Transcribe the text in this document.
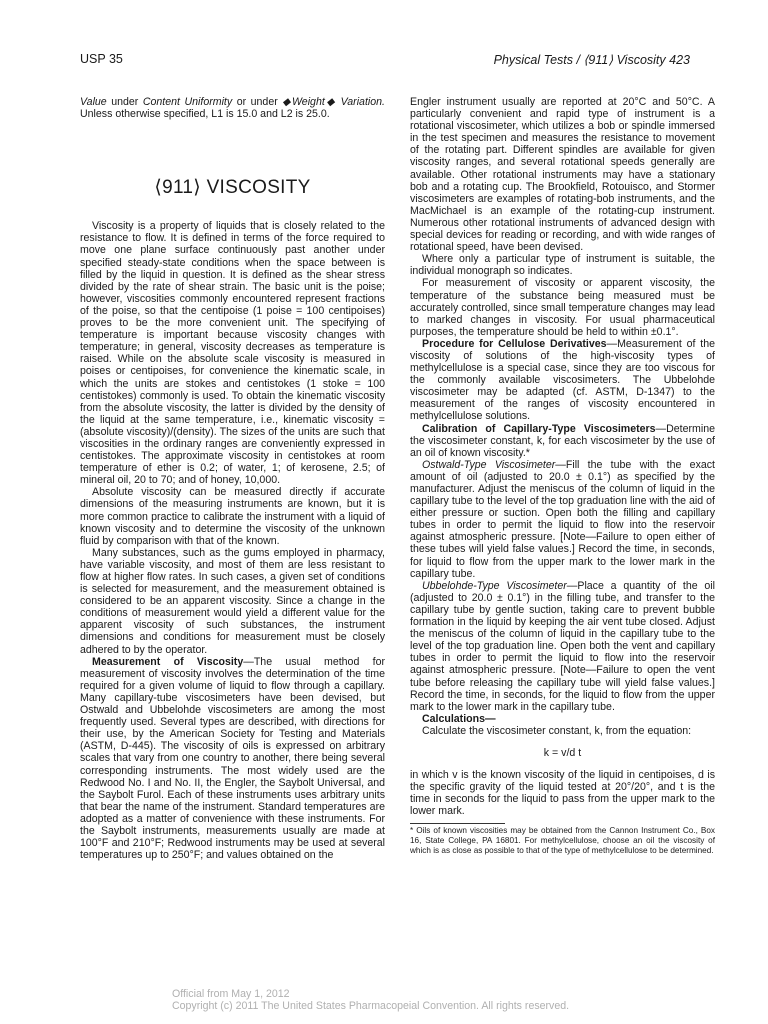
USP 35	Physical Tests / ⟨911⟩ Viscosity 423

Value under Content Uniformity or under ◆Weight◆ Variation. Unless otherwise specified, L1 is 15.0 and L2 is 25.0.

⟨911⟩ VISCOSITY

Viscosity is a property of liquids that is closely related to the resistance to flow. It is defined in terms of the force required to move one plane surface continuously past another under specified steady-state conditions when the space between is filled by the liquid in question. It is defined as the shear stress divided by the rate of shear strain. The basic unit is the poise; however, viscosities commonly encountered represent fractions of the poise, so that the centipoise (1 poise = 100 centipoises) proves to be the more convenient unit. The specifying of temperature is important because viscosity changes with temperature; in general, viscosity decreases as temperature is raised. While on the absolute scale viscosity is measured in poises or centipoises, for convenience the kinematic scale, in which the units are stokes and centistokes (1 stoke = 100 centistokes) commonly is used. To obtain the kinematic viscosity from the absolute viscosity, the latter is divided by the density of the liquid at the same temperature, i.e., kinematic viscosity = (absolute viscosity)/(density). The sizes of the units are such that viscosities in the ordinary ranges are conveniently expressed in centistokes. The approximate viscosity in centistokes at room temperature of ether is 0.2; of water, 1; of kerosene, 2.5; of mineral oil, 20 to 70; and of honey, 10,000.

Absolute viscosity can be measured directly if accurate dimensions of the measuring instruments are known, but it is more common practice to calibrate the instrument with a liquid of known viscosity and to determine the viscosity of the unknown fluid by comparison with that of the known.

Many substances, such as the gums employed in pharmacy, have variable viscosity, and most of them are less resistant to flow at higher flow rates. In such cases, a given set of conditions is selected for measurement, and the measurement obtained is considered to be an apparent viscosity. Since a change in the conditions of measurement would yield a different value for the apparent viscosity of such substances, the instrument dimensions and conditions for measurement must be closely adhered to by the operator.

Measurement of Viscosity—The usual method for measurement of viscosity involves the determination of the time required for a given volume of liquid to flow through a capillary. Many capillary-tube viscosimeters have been devised, but Ostwald and Ubbelohde viscosimeters are among the most frequently used. Several types are described, with directions for their use, by the American Society for Testing and Materials (ASTM, D-445). The viscosity of oils is expressed on arbitrary scales that vary from one country to another, there being several corresponding instruments. The most widely used are the Redwood No. I and No. II, the Engler, the Saybolt Universal, and the Saybolt Furol. Each of these instruments uses arbitrary units that bear the name of the instrument. Standard temperatures are adopted as a matter of convenience with these instruments. For the Saybolt instruments, measurements usually are made at 100°F and 210°F; Redwood instruments may be used at several temperatures up to 250°F; and values obtained on the

Engler instrument usually are reported at 20°C and 50°C. A particularly convenient and rapid type of instrument is a rotational viscosimeter, which utilizes a bob or spindle immersed in the test specimen and measures the resistance to movement of the rotating part. Different spindles are available for given viscosity ranges, and several rotational speeds generally are available. Other rotational instruments may have a stationary bob and a rotating cup. The Brookfield, Rotouisco, and Stormer viscosimeters are examples of rotating-bob instruments, and the MacMichael is an example of the rotating-cup instrument. Numerous other rotational instruments of advanced design with special devices for reading or recording, and with wide ranges of rotational speed, have been devised.

Where only a particular type of instrument is suitable, the individual monograph so indicates.

For measurement of viscosity or apparent viscosity, the temperature of the substance being measured must be accurately controlled, since small temperature changes may lead to marked changes in viscosity. For usual pharmaceutical purposes, the temperature should be held to within ±0.1°.

Procedure for Cellulose Derivatives—Measurement of the viscosity of solutions of the high-viscosity types of methylcellulose is a special case, since they are too viscous for the commonly available viscosimeters. The Ubbelohde viscosimeter may be adapted (cf. ASTM, D-1347) to the measurement of the ranges of viscosity encountered in methylcellulose solutions.

Calibration of Capillary-Type Viscosimeters—Determine the viscosimeter constant, k, for each viscosimeter by the use of an oil of known viscosity.*

Ostwald-Type Viscosimeter—Fill the tube with the exact amount of oil (adjusted to 20.0 ± 0.1°) as specified by the manufacturer. Adjust the meniscus of the column of liquid in the capillary tube to the level of the top graduation line with the aid of either pressure or suction. Open both the filling and capillary tubes in order to permit the liquid to flow into the reservoir against atmospheric pressure. [Note—Failure to open either of these tubes will yield false values.] Record the time, in seconds, for liquid to flow from the upper mark to the lower mark in the capillary tube.

Ubbelohde-Type Viscosimeter—Place a quantity of the oil (adjusted to 20.0 ± 0.1°) in the filling tube, and transfer to the capillary tube by gentle suction, taking care to prevent bubble formation in the liquid by keeping the air vent tube closed. Adjust the meniscus of the column of liquid in the capillary tube to the level of the top graduation line. Open both the vent and capillary tubes in order to permit the liquid to flow into the reservoir against atmospheric pressure. [Note—Failure to open the vent tube before releasing the capillary tube will yield false values.] Record the time, in seconds, for the liquid to flow from the upper mark to the lower mark in the capillary tube.

Calculations—

Calculate the viscosimeter constant, k, from the equation:

k = v/d t

in which v is the known viscosity of the liquid in centipoises, d is the specific gravity of the liquid tested at 20°/20°, and t is the time in seconds for the liquid to pass from the upper mark to the lower mark.

* Oils of known viscosities may be obtained from the Cannon Instrument Co., Box 16, State College, PA 16801. For methylcellulose, choose an oil the viscosity of which is as close as possible to that of the type of methylcellulose to be determined.

Official from May 1, 2012
Copyright (c) 2011 The United States Pharmacopeial Convention. All rights reserved.
